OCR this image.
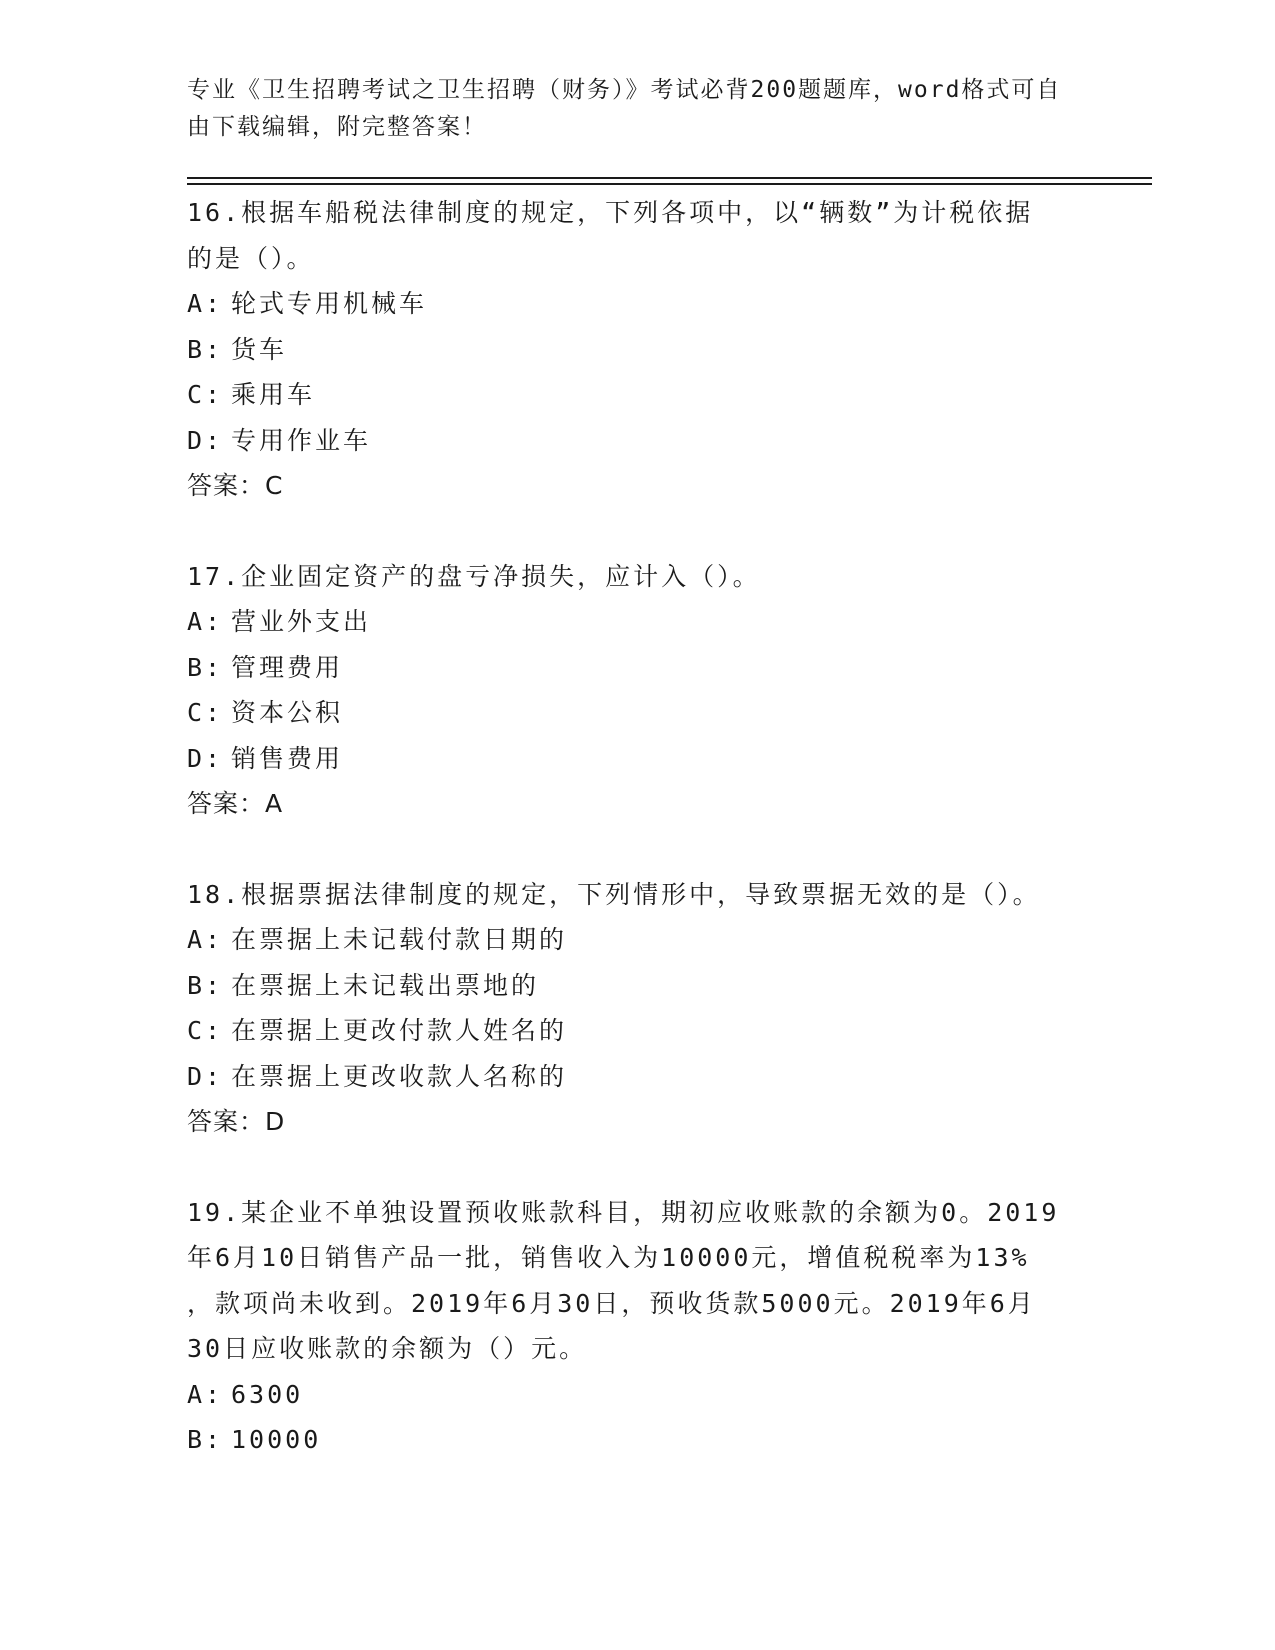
专业《卫生招聘考试之卫生招聘（财务）》考试必背200题题库，word格式可自

由下载编辑，附完整答案！

16.根据车船税法律制度的规定，下列各项中，以“辆数”为计税依据

的是（）。

A: 轮式专用机械车

B: 货车

C: 乘用车

D: 专用作业车

答案：C

17.企业固定资产的盘亏净损失，应计入（）。

A: 营业外支出

B: 管理费用

C: 资本公积

D: 销售费用

答案：A

18.根据票据法律制度的规定，下列情形中，导致票据无效的是（）。

A: 在票据上未记载付款日期的

B: 在票据上未记载出票地的

C: 在票据上更改付款人姓名的

D: 在票据上更改收款人名称的

答案：D

19.某企业不单独设置预收账款科目，期初应收账款的余额为0。2019

年6月10日销售产品一批，销售收入为10000元，增值税税率为13%

，款项尚未收到。2019年6月30日，预收货款5000元。2019年6月

30日应收账款的余额为（）元。

A: 6300

B: 10000
